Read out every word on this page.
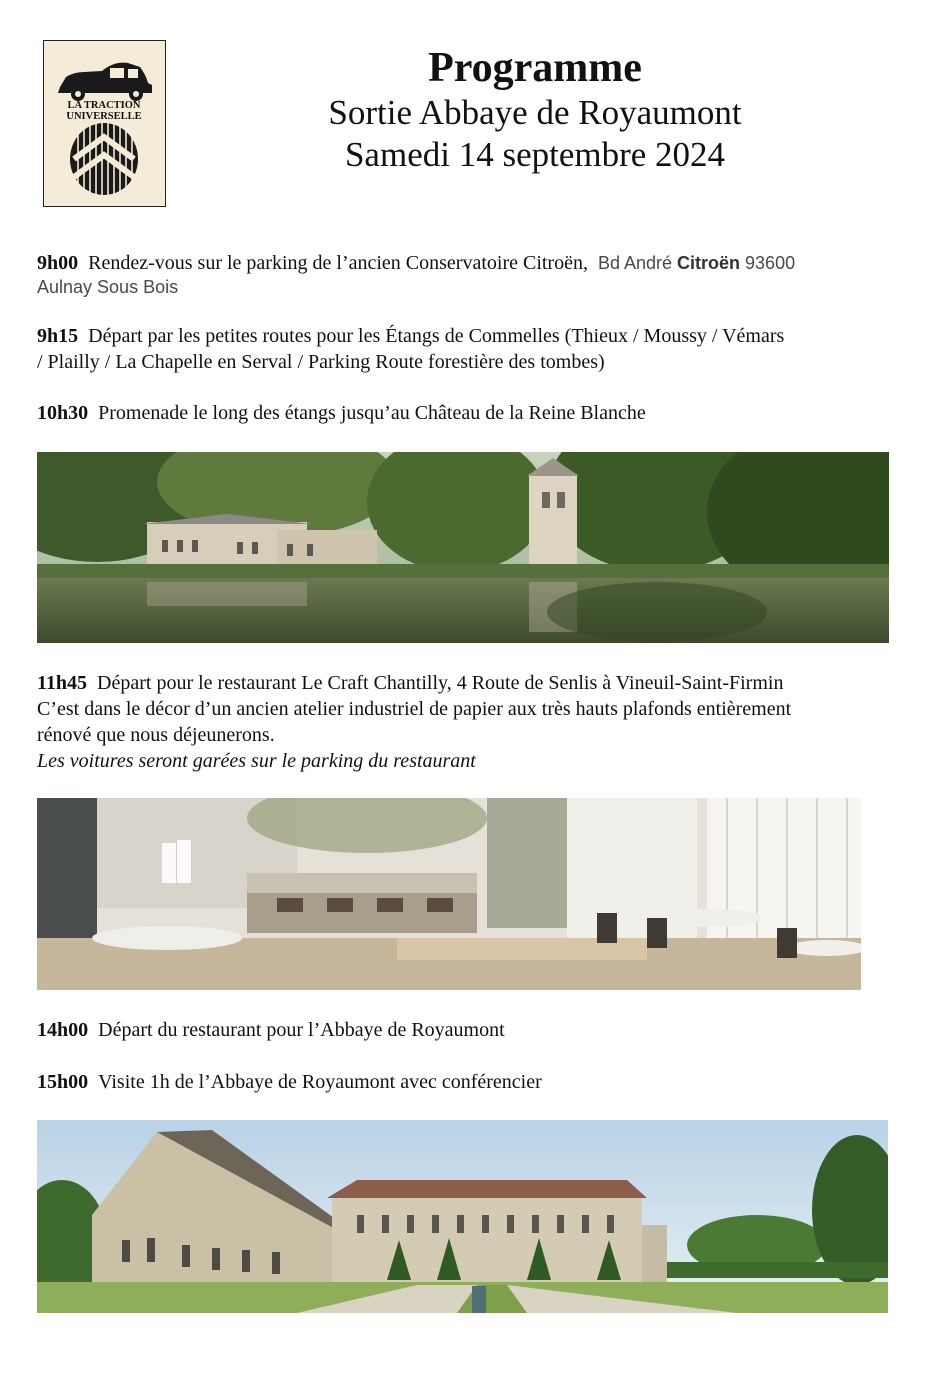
LA TRACTION
UNIVERSELLE
Programme
Sortie Abbaye de Royaumont
Samedi 14 septembre 2024
9h00 Rendez-vous sur le parking de l’ancien Conservatoire Citroën, Bd André Citroën 93600
Aulnay Sous Bois
9h15 Départ par les petites routes pour les Étangs de Commelles (Thieux / Moussy / Vémars
/ Plailly / La Chapelle en Serval / Parking Route forestière des tombes)
10h30 Promenade le long des étangs jusqu’au Château de la Reine Blanche
11h45 Départ pour le restaurant Le Craft Chantilly, 4 Route de Senlis à Vineuil-Saint-Firmin
C’est dans le décor d’un ancien atelier industriel de papier aux très hauts plafonds entièrement
rénové que nous déjeunerons.
Les voitures seront garées sur le parking du restaurant
14h00 Départ du restaurant pour l’Abbaye de Royaumont
15h00 Visite 1h de l’Abbaye de Royaumont avec conférencier
